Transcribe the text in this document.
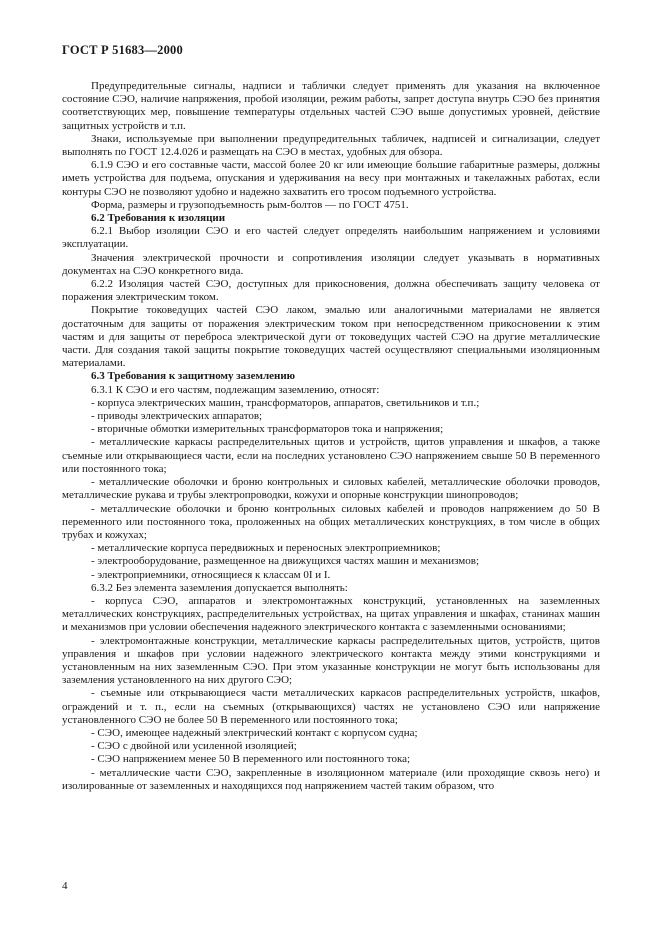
ГОСТ Р 51683—2000

Предупредительные сигналы, надписи и таблички следует применять для указания на включенное состояние СЭО, наличие напряжения, пробой изоляции, режим работы, запрет доступа внутрь СЭО без принятия соответствующих мер, повышение температуры отдельных частей СЭО выше допустимых уровней, действие защитных устройств и т.п.

Знаки, используемые при выполнении предупредительных табличек, надписей и сигнализации, следует выполнять по ГОСТ 12.4.026 и размещать на СЭО в местах, удобных для обзора.

6.1.9 СЭО и его составные части, массой более 20 кг или имеющие большие габаритные размеры, должны иметь устройства для подъема, опускания и удерживания на весу при монтажных и такелажных работах, если контуры СЭО не позволяют удобно и надежно захватить его тросом подъемного устройства.

Форма, размеры и грузоподъемность рым-болтов — по ГОСТ 4751.

6.2 Требования к изоляции

6.2.1 Выбор изоляции СЭО и его частей следует определять наибольшим напряжением и условиями эксплуатации.

Значения электрической прочности и сопротивления изоляции следует указывать в нормативных документах на СЭО конкретного вида.

6.2.2 Изоляция частей СЭО, доступных для прикосновения, должна обеспечивать защиту человека от поражения электрическим током.

Покрытие токоведущих частей СЭО лаком, эмалью или аналогичными материалами не является достаточным для защиты от поражения электрическим током при непосредственном прикосновении к этим частям и для защиты от переброса электрической дуги от токоведущих частей СЭО на другие металлические части. Для создания такой защиты покрытие токоведущих частей осуществляют специальными изоляционным материалами.

6.3 Требования к защитному заземлению

6.3.1 К СЭО и его частям, подлежащим заземлению, относят:

- корпуса электрических машин, трансформаторов, аппаратов, светильников и т.п.;

- приводы электрических аппаратов;

- вторичные обмотки измерительных трансформаторов тока и напряжения;

- металлические каркасы распределительных щитов и устройств, щитов управления и шкафов, а также съемные или открывающиеся части, если на последних установлено СЭО напряжением свыше 50 В переменного или постоянного тока;

- металлические оболочки и броню контрольных и силовых кабелей, металлические оболочки проводов, металлические рукава и трубы электропроводки, кожухи и опорные конструкции шинопроводов;

- металлические оболочки и броню контрольных силовых кабелей и проводов напряжением до 50 В переменного или постоянного тока, проложенных на общих металлических конструкциях, в том числе в общих трубах и кожухах;

- металлические корпуса передвижных и переносных электроприемников;

- электрооборудование, размещенное на движущихся частях машин и механизмов;

- электроприемники, относящиеся к классам 0I и I.

6.3.2 Без элемента заземления допускается выполнять:

- корпуса СЭО, аппаратов и электромонтажных конструкций, установленных на заземленных металлических конструкциях, распределительных устройствах, на щитах управления и шкафах, станинах машин и механизмов при условии обеспечения надежного электрического контакта с заземленными основаниями;

- электромонтажные конструкции, металлические каркасы распределительных щитов, устройств, щитов управления и шкафов при условии надежного электрического контакта между этими конструкциями и установленным на них заземленным СЭО. При этом указанные конструкции не могут быть использованы для заземления установленного на них другого СЭО;

- съемные или открывающиеся части металлических каркасов распределительных устройств, шкафов, ограждений и т. п., если на съемных (открывающихся) частях не установлено СЭО или напряжение установленного СЭО не более 50 В переменного или постоянного тока;

- СЭО, имеющее надежный электрический контакт с корпусом судна;

- СЭО с двойной или усиленной изоляцией;

- СЭО напряжением менее 50 В переменного или постоянного тока;

- металлические части СЭО, закрепленные в изоляционном материале (или проходящие сквозь него) и изолированные от заземленных и находящихся под напряжением частей таким образом, что

4
